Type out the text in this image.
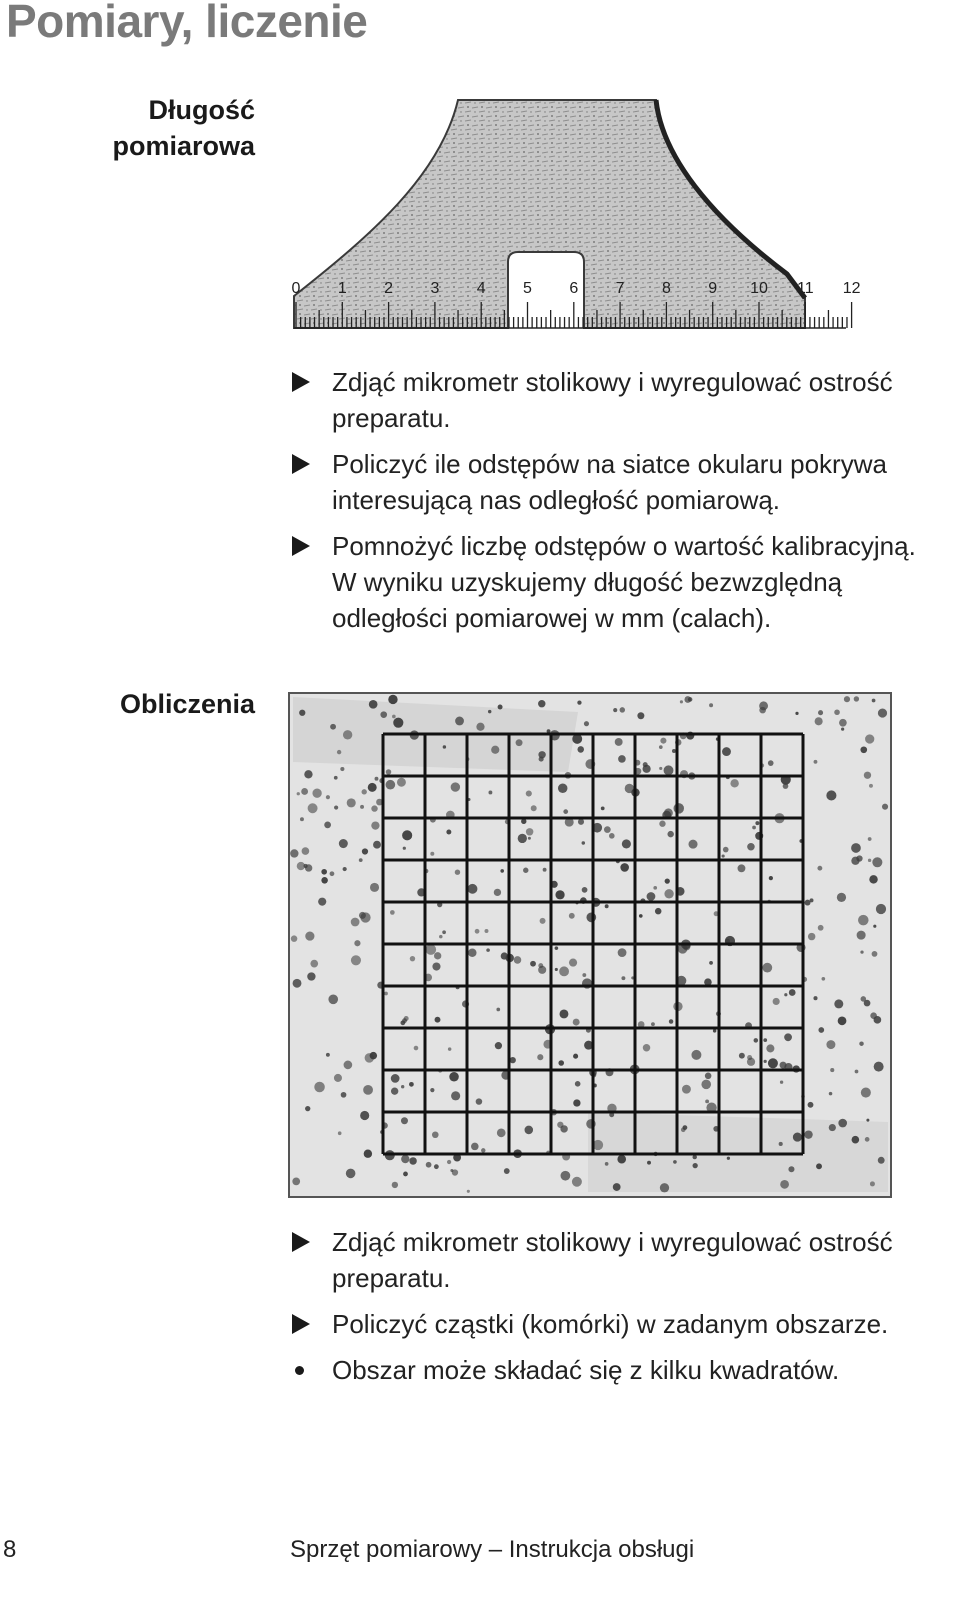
Pomiary, liczenie
Długość
pomiarowa
0 1 2 3 4 5 6 7 8 9 10 11 12
Zdjąć mikrometr stolikowy i wyregulować ostrość preparatu.
Policzyć ile odstępów na siatce okularu pokrywa interesującą nas odległość pomiarową.
Pomnożyć liczbę odstępów o wartość kalibracyjną. W wyniku uzyskujemy długość bezwzględną odległości pomiarowej w mm (calach).
Obliczenia
Zdjąć mikrometr stolikowy i wyregulować ostrość preparatu.
Policzyć cząstki (komórki) w zadanym obszarze.
Obszar może składać się z kilku kwadratów.
8	Sprzęt pomiarowy – Instrukcja obsługi
